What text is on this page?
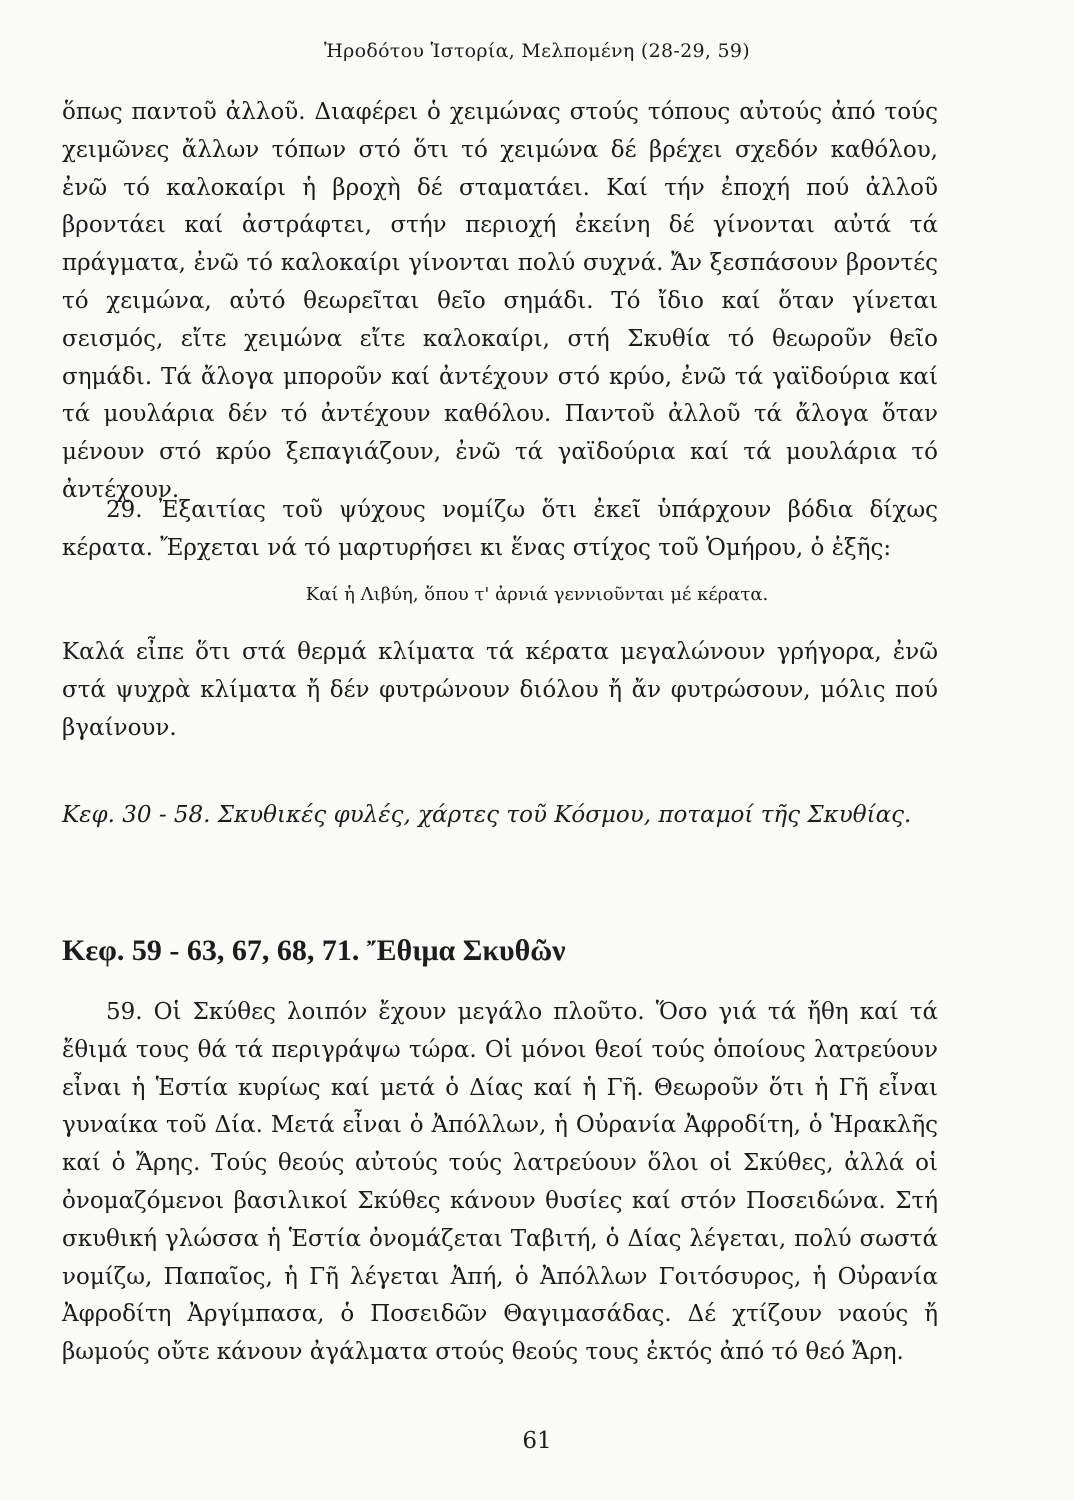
Ἡροδότου Ἱστορία, Μελπομένη (28-29, 59)

ὅπως παντοῦ ἀλλοῦ. Διαφέρει ὁ χειμώνας στούς τόπους αὐτούς ἀπό τούς χειμῶνες ἄλλων τόπων στό ὅτι τό χειμώνα δέ βρέχει σχεδόν καθόλου, ἐνῶ τό καλοκαίρι ἡ βροχὴ δέ σταματάει. Καί τήν ἐποχή πού ἀλλοῦ βροντάει καί ἀστράφτει, στήν περιοχή ἐκείνη δέ γίνονται αὐτά τά πράγματα, ἐνῶ τό καλοκαίρι γίνονται πολύ συχνά. Ἄν ξεσπάσουν βροντές τό χειμώνα, αὐτό θεωρεῖται θεῖο σημάδι. Τό ἴδιο καί ὅταν γίνεται σεισμός, εἴτε χειμώνα εἴτε καλοκαίρι, στή Σκυθία τό θεωροῦν θεῖο σημάδι. Τά ἄλογα μποροῦν καί ἀντέχουν στό κρύο, ἐνῶ τά γαϊδούρια καί τά μουλάρια δέν τό ἀντέχουν καθόλου. Παντοῦ ἀλλοῦ τά ἄλογα ὅταν μένουν στό κρύο ξεπαγιάζουν, ἐνῶ τά γαϊδούρια καί τά μουλάρια τό ἀντέχουν.

29. Ἐξαιτίας τοῦ ψύχους νομίζω ὅτι ἐκεῖ ὑπάρχουν βόδια δίχως κέρατα. Ἔρχεται νά τό μαρτυρήσει κι ἕνας στίχος τοῦ Ὁμήρου, ὁ ἑξῆς:

Καί ἡ Λιβύη, ὅπου τ' ἀρνιά γεννιοῦνται μέ κέρατα.

Καλά εἶπε ὅτι στά θερμά κλίματα τά κέρατα μεγαλώνουν γρήγορα, ἐνῶ στά ψυχρὰ κλίματα ἤ δέν φυτρώνουν διόλου ἤ ἄν φυτρώσουν, μόλις πού βγαίνουν.

Κεφ. 30 - 58. Σκυθικές φυλές, χάρτες τοῦ Κόσμου, ποταμοί τῆς Σκυθίας.

Κεφ. 59 - 63, 67, 68, 71. Ἔθιμα Σκυθῶν

59. Οἱ Σκύθες λοιπόν ἔχουν μεγάλο πλοῦτο. Ὅσο γιά τά ἤθη καί τά ἔθιμά τους θά τά περιγράψω τώρα. Οἱ μόνοι θεοί τούς ὁποίους λατρεύουν εἶναι ἡ Ἑστία κυρίως καί μετά ὁ Δίας καί ἡ Γῆ. Θεωροῦν ὅτι ἡ Γῆ εἶναι γυναίκα τοῦ Δία. Μετά εἶναι ὁ Ἀπόλλων, ἡ Οὐρανία Ἀφροδίτη, ὁ Ἡρακλῆς καί ὁ Ἄρης. Τούς θεούς αὐτούς τούς λατρεύουν ὅλοι οἱ Σκύθες, ἀλλά οἱ ὀνομαζόμενοι βασιλικοί Σκύθες κάνουν θυσίες καί στόν Ποσειδώνα. Στή σκυθική γλώσσα ἡ Ἑστία ὀνομάζεται Ταβιτή, ὁ Δίας λέγεται, πολύ σωστά νομίζω, Παπαῖος, ἡ Γῆ λέγεται Ἀπή, ὁ Ἀπόλλων Γοιτόσυρος, ἡ Οὐρανία Ἀφροδίτη Ἀργίμπασα, ὁ Ποσειδῶν Θαγιμασάδας. Δέ χτίζουν ναούς ἤ βωμούς οὔτε κάνουν ἀγάλματα στούς θεούς τους ἐκτός ἀπό τό θεό Ἄρη.

61
